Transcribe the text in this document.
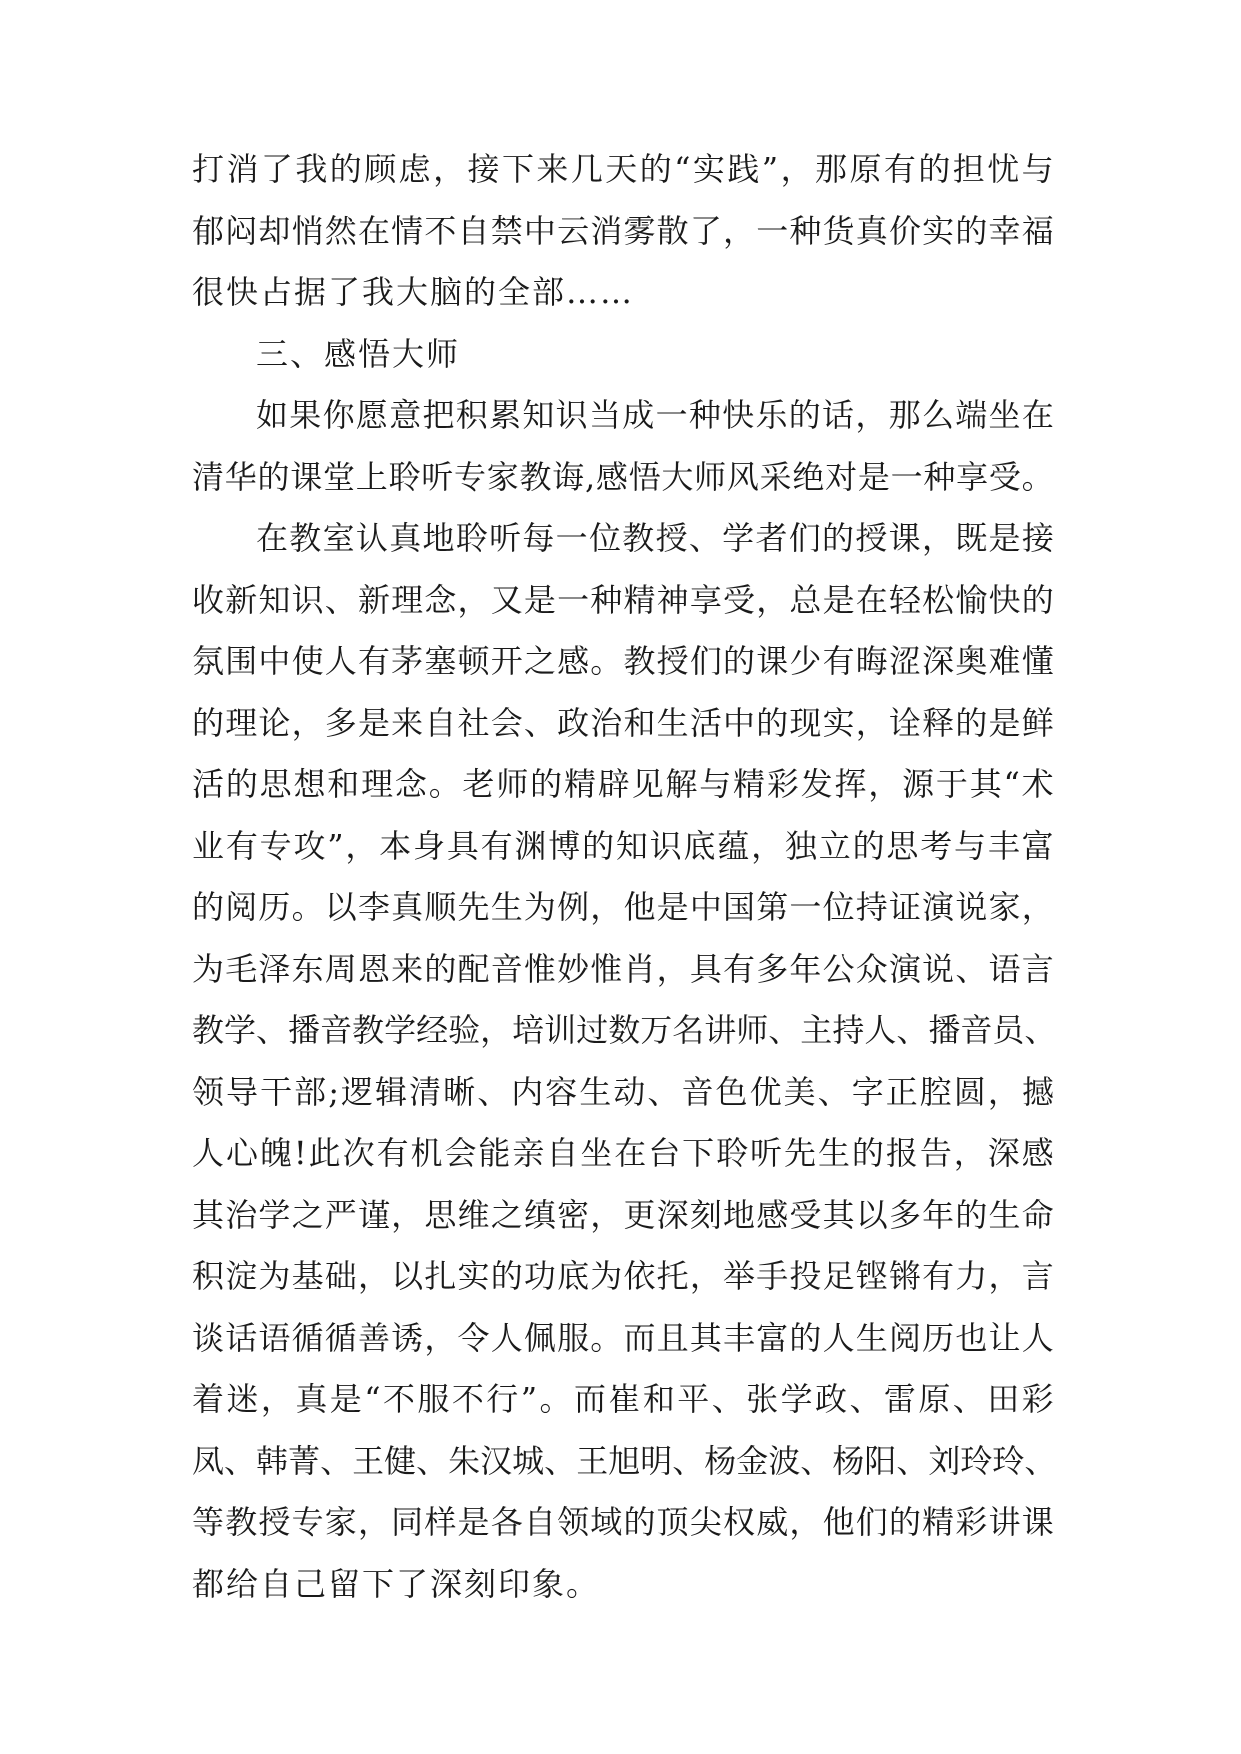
打 消 了 我 的 顾 虑 ， 接 下 来 几 天 的 “ 实 践 ” ， 那 原 有 的 担 忧 与
郁 闷 却 悄 然 在 情 不 自 禁 中 云 消 雾 散 了 ， 一 种 货 真 价 实 的 幸 福
很快占据了我大脑的全部……
三、感悟大师
如 果 你 愿 意 把 积 累 知 识 当 成 一 种 快 乐 的 话 ， 那 么 端 坐 在
清 华 的 课 堂 上 聆 听 专 家 教 诲 , 感 悟 大 师 风 采 绝 对 是 一 种 享 受 。
在 教 室 认 真 地 聆 听 每 一 位 教 授 、 学 者 们 的 授 课 ， 既 是 接
收 新 知 识 、 新 理 念 ， 又 是 一 种 精 神 享 受 ， 总 是 在 轻 松 愉 快 的
氛 围 中 使 人 有 茅 塞 顿 开 之 感 。 教 授 们 的 课 少 有 晦 涩 深 奥 难 懂
的 理 论 ， 多 是 来 自 社 会 、 政 治 和 生 活 中 的 现 实 ， 诠 释 的 是 鲜
活 的 思 想 和 理 念 。 老 师 的 精 辟 见 解 与 精 彩 发 挥 ， 源 于 其 “ 术
业 有 专 攻 ” ， 本 身 具 有 渊 博 的 知 识 底 蕴 ， 独 立 的 思 考 与 丰 富
的 阅 历 。 以 李 真 顺 先 生 为 例 ， 他 是 中 国 第 一 位 持 证 演 说 家 ，
为 毛 泽 东 周 恩 来 的 配 音 惟 妙 惟 肖 ， 具 有 多 年 公 众 演 说 、 语 言
教 学 、 播 音 教 学 经 验 ， 培 训 过 数 万 名 讲 师 、 主 持 人 、 播 音 员 、
领 导 干 部 ; 逻 辑 清 晰 、 内 容 生 动 、 音 色 优 美 、 字 正 腔 圆 ， 撼
人 心 魄 ! 此 次 有 机 会 能 亲 自 坐 在 台 下 聆 听 先 生 的 报 告 ， 深 感
其 治 学 之 严 谨 ， 思 维 之 缜 密 ， 更 深 刻 地 感 受 其 以 多 年 的 生 命
积 淀 为 基 础 ， 以 扎 实 的 功 底 为 依 托 ， 举 手 投 足 铿 锵 有 力 ， 言
谈 话 语 循 循 善 诱 ， 令 人 佩 服 。 而 且 其 丰 富 的 人 生 阅 历 也 让 人
着 迷 ， 真 是 “ 不 服 不 行 ” 。 而 崔 和 平 、 张 学 政 、 雷 原 、 田 彩
凤 、 韩 菁 、 王 健 、 朱 汉 城 、 王 旭 明 、 杨 金 波 、 杨 阳 、 刘 玲 玲 、
等 教 授 专 家 ， 同 样 是 各 自 领 域 的 顶 尖 权 威 ， 他 们 的 精 彩 讲 课
都给自己留下了深刻印象。
